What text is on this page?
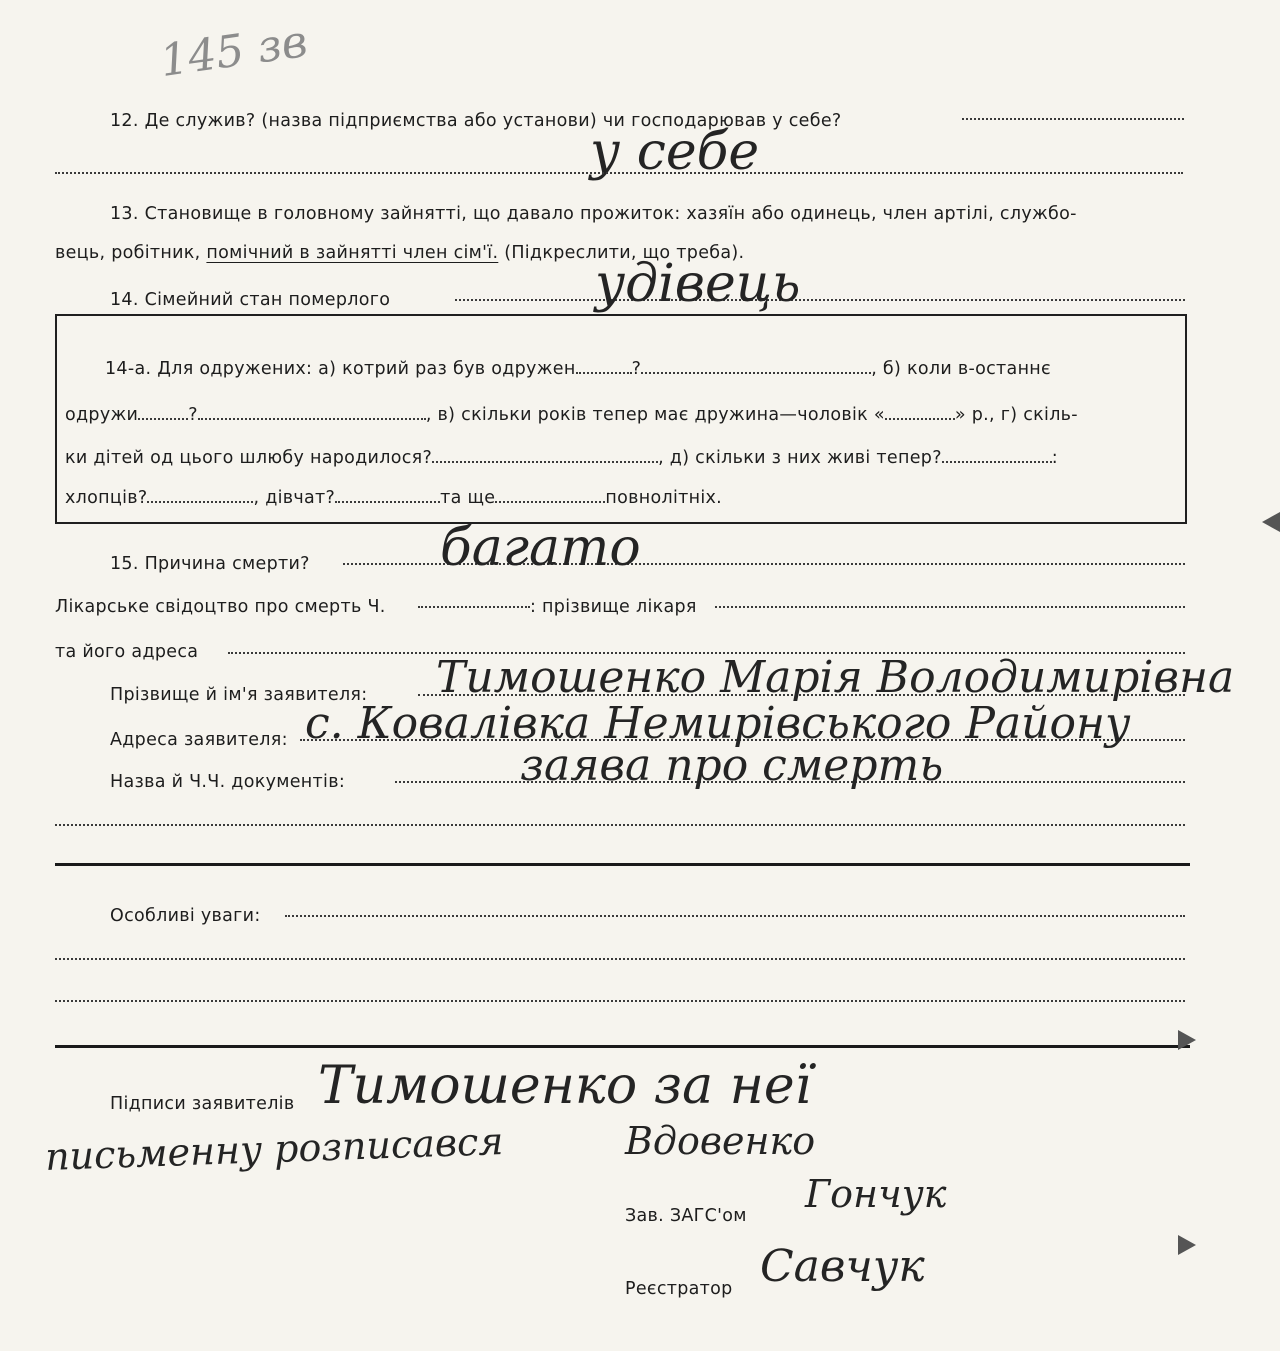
145 зв
12. Де служив? (назва підприємства або установи) чи господарював у себе?
у себе
13. Становище в головному зайнятті, що давало прожиток: хазяїн або одинець, член артілі, службо-
вець, робітник, помічний в зайнятті член сім'ї. (Підкреслити, що треба).
14. Сімейний стан померлого	удівець
14-а. Для одружених: а) котрий раз був одружен	?	, б) коли в-останнє
одружи	?	, в) скільки років тепер має дружина—чоловік «	» р., г) скіль-
ки дітей од цього шлюбу народилося?	, д) скільки з них живі тепер?	:
хлопців?	, дівчат?	та ще	повнолітніх.
15. Причина смерти?	багато
Лікарське свідоцтво про смерть Ч.	: прізвище лікаря
та його адреса
Прізвище й ім'я заявителя: Тимошенко Марія Володимирівна
Адреса заявителя: с. Ковалівка Немирівського Району
Назва й Ч.Ч. документів:	заява про смерть
Особливі уваги:
Підписи заявителів Тимошенко за неї
письменну розписався	Вдовенко
Зав. ЗАГС'ом Гончук
Реєстратор Савчук
